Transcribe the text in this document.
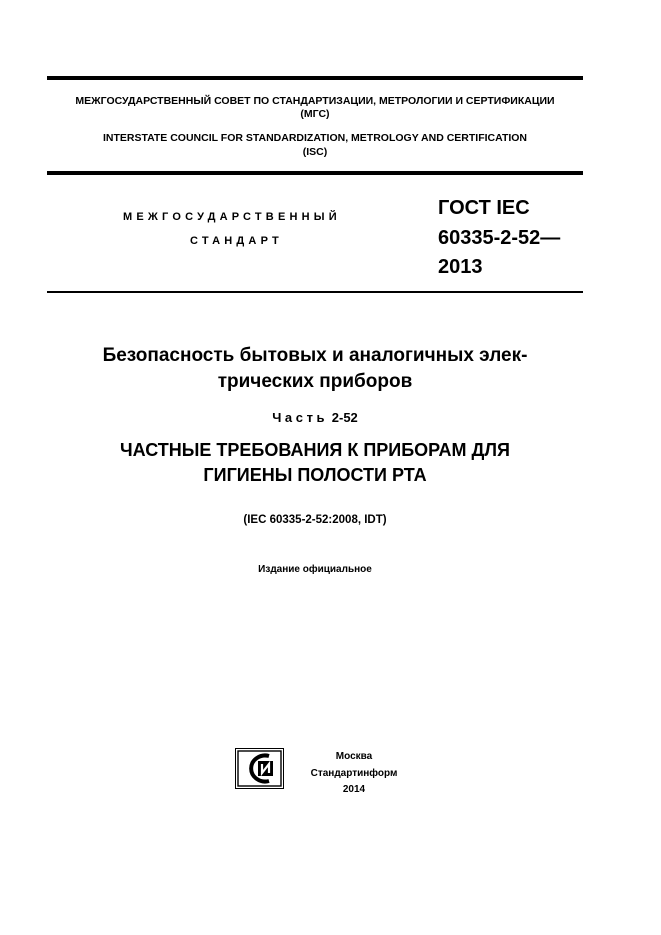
МЕЖГОСУДАРСТВЕННЫЙ СОВЕТ ПО СТАНДАРТИЗАЦИИ, МЕТРОЛОГИИ И СЕРТИФИКАЦИИ
(МГС)
INTERSTATE COUNCIL FOR STANDARDIZATION, METROLOGY AND CERTIFICATION
(ISC)
МЕЖГОСУДАРСТВЕННЫЙ
СТАНДАРТ
ГОСТ IEC
60335-2-52—
2013
Безопасность бытовых и аналогичных элек-
трических приборов
Часть 2-52
ЧАСТНЫЕ ТРЕБОВАНИЯ К ПРИБОРАМ ДЛЯ
ГИГИЕНЫ ПОЛОСТИ РТА
(IEC 60335-2-52:2008, IDT)
Издание официальное
Москва
Стандартинформ
2014
